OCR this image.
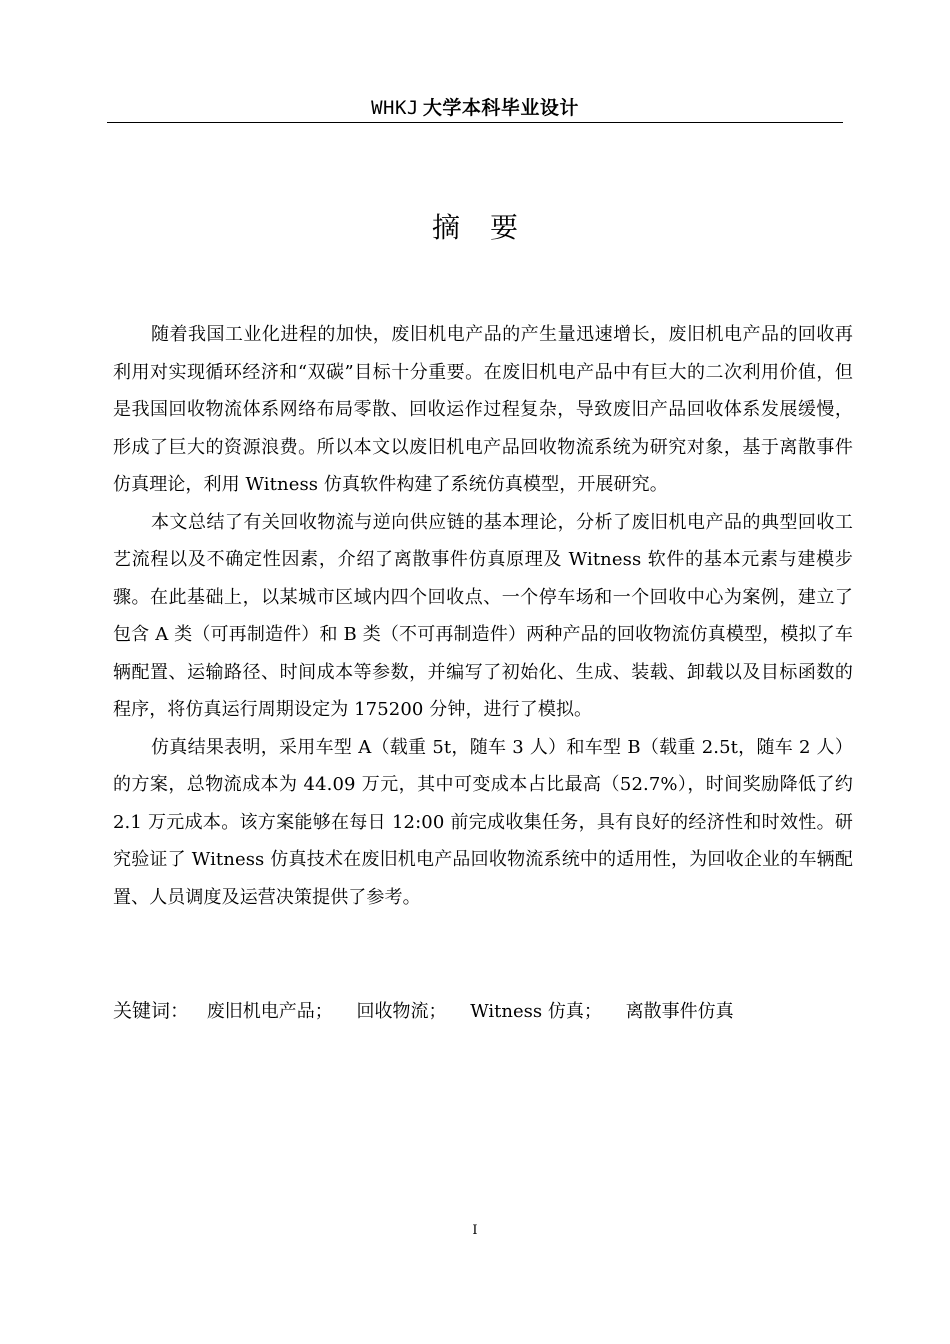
WHKJ 大学本科毕业设计
摘要

随着我国工业化进程的加快，废旧机电产品的产生量迅速增长，废旧机电产品的回收再利用对实现循环经济和“双碳”目标十分重要。在废旧机电产品中有巨大的二次利用价值，但是我国回收物流体系网络布局零散、回收运作过程复杂，导致废旧产品回收体系发展缓慢，形成了巨大的资源浪费。所以本文以废旧机电产品回收物流系统为研究对象，基于离散事件仿真理论，利用 Witness 仿真软件构建了系统仿真模型，开展研究。

本文总结了有关回收物流与逆向供应链的基本理论，分析了废旧机电产品的典型回收工艺流程以及不确定性因素，介绍了离散事件仿真原理及 Witness 软件的基本元素与建模步骤。在此基础上，以某城市区域内四个回收点、一个停车场和一个回收中心为案例，建立了包含 A 类（可再制造件）和 B 类（不可再制造件）两种产品的回收物流仿真模型，模拟了车辆配置、运输路径、时间成本等参数，并编写了初始化、生成、装载、卸载以及目标函数的程序，将仿真运行周期设定为 175200 分钟，进行了模拟。

仿真结果表明，采用车型 A（载重 5t，随车 3 人）和车型 B（载重 2.5t，随车 2 人）的方案，总物流成本为 44.09 万元，其中可变成本占比最高（52.7%），时间奖励降低了约 2.1 万元成本。该方案能够在每日 12:00 前完成收集任务，具有良好的经济性和时效性。研究验证了 Witness 仿真技术在废旧机电产品回收物流系统中的适用性，为回收企业的车辆配置、人员调度及运营决策提供了参考。

关键词： 废旧机电产品； 回收物流； Witness 仿真； 离散事件仿真
I
